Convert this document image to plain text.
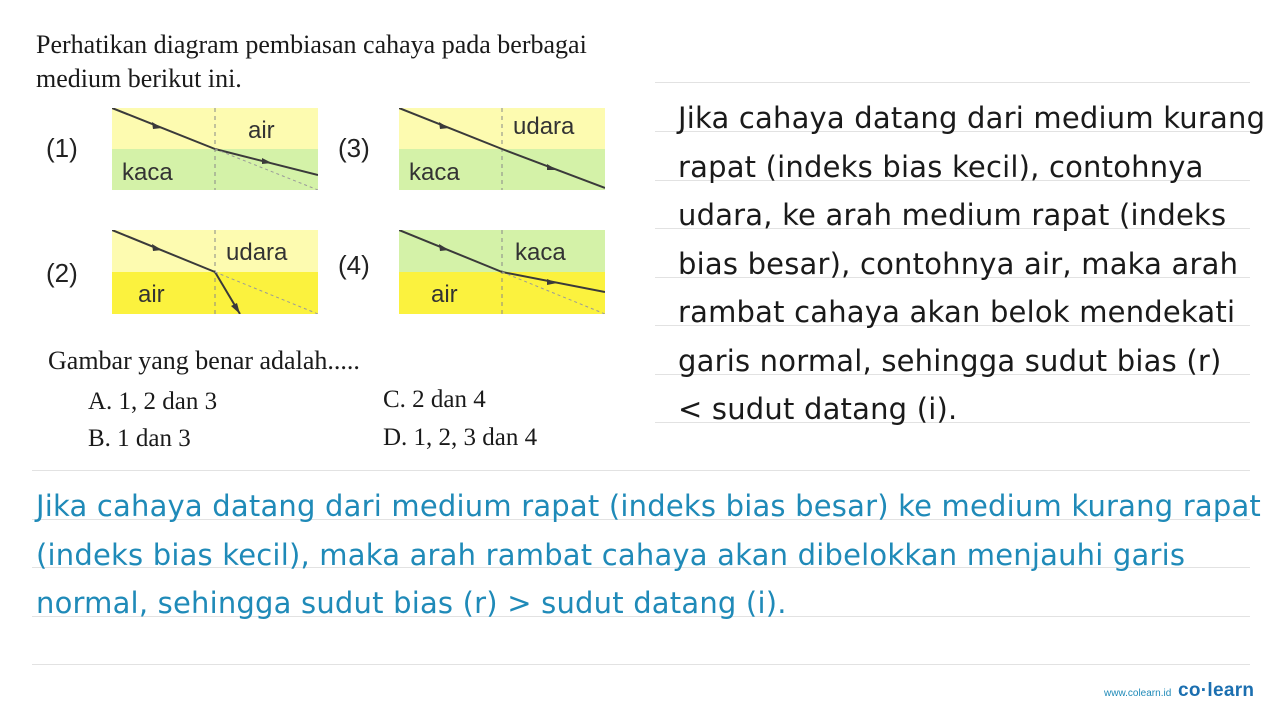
Perhatikan diagram pembiasan cahaya pada berbagai
medium berikut ini.
(1)
air
kaca
(3)
udara
kaca
(2)
udara
air
(4)	kaca
air
Gambar yang benar adalah.....
A. 1, 2 dan 3
B. 1 dan 3
C. 2 dan 4
D. 1, 2, 3 dan 4
Jika cahaya datang dari medium kurang
rapat (indeks bias kecil), contohnya
udara, ke arah medium rapat (indeks
bias besar), contohnya air, maka arah
rambat cahaya akan belok mendekati
garis normal, sehingga sudut bias (r)
< sudut datang (i).
Jika cahaya datang dari medium rapat (indeks bias besar) ke medium kurang rapat
(indeks bias kecil), maka arah rambat cahaya akan dibelokkan menjauhi garis
normal, sehingga sudut bias (r) > sudut datang (i).
www.colearn.id co·learn
